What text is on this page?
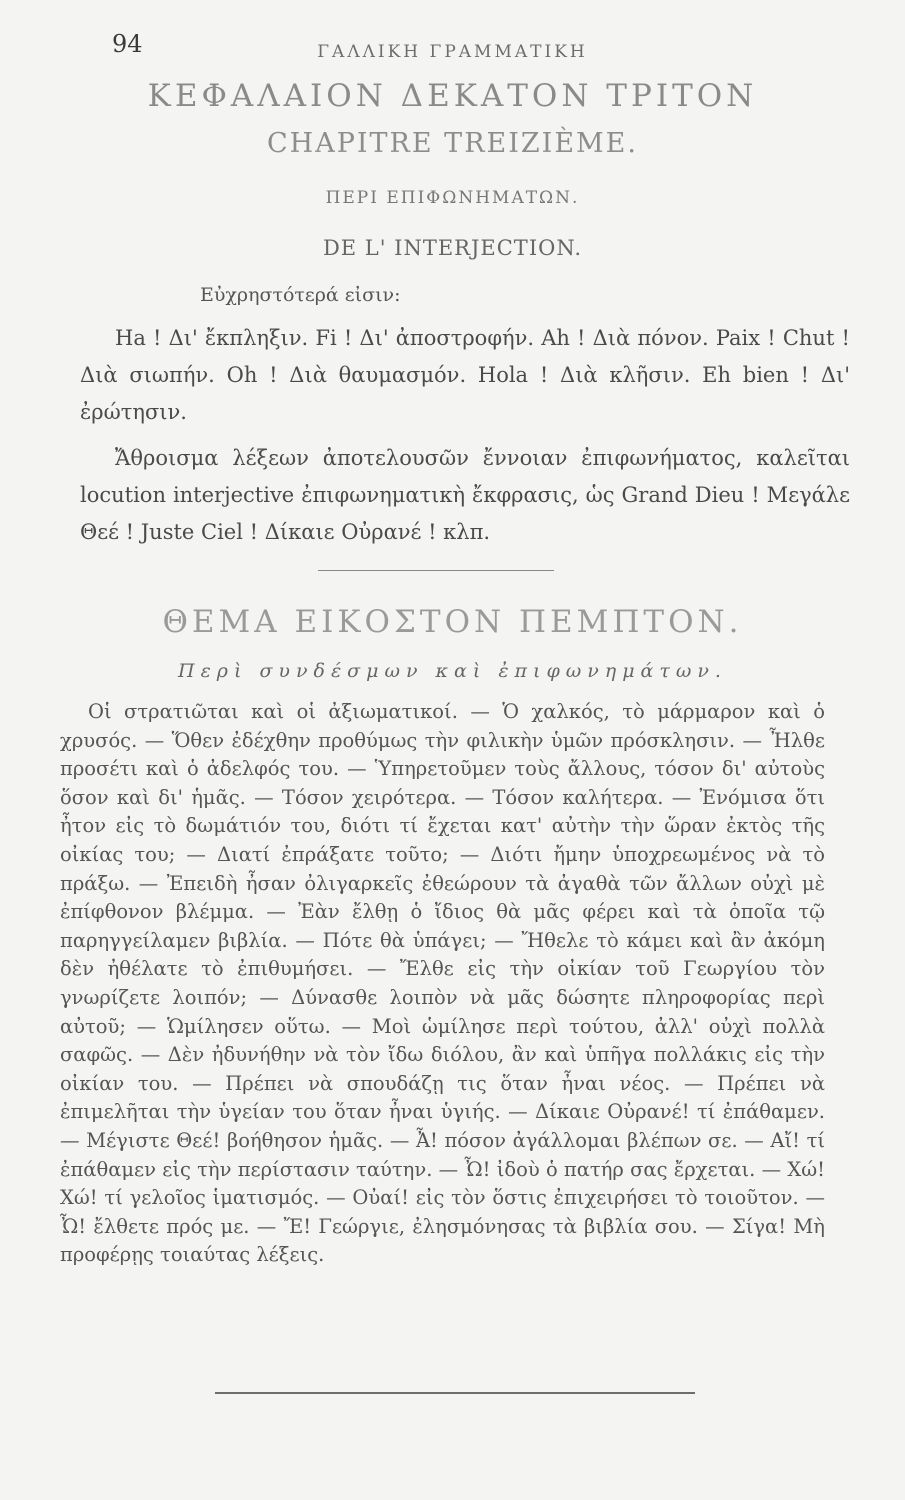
94	ΓΑΛΛΙΚΗ ΓΡΑΜΜΑΤΙΚΗ
ΚΕΦΑΛΑΙΟΝ ΔΕΚΑΤΟΝ ΤΡΙΤΟΝ
CHAPITRE TREIZIÈME.
ΠΕΡΙ ΕΠΙΦΩΝΗΜΑΤΩΝ.
DE L' INTERJECTION.
Εὐχρηστότερά εἰσιν:
Ha ! Δι' ἔκπληξιν. Fi ! Δι' ἀποστροφήν. Ah ! Διὰ πόνον. Paix ! Chut ! Διὰ σιωπήν. Oh ! Διὰ θαυμασμόν. Hola ! Διὰ κλῆσιν. Eh bien ! Δι' ἐρώτησιν.
Ἄθροισμα λέξεων ἀποτελουσῶν ἔννοιαν ἐπιφωνήματος, καλεῖται locution interjective ἐπιφωνηματικὴ ἔκφρασις, ὡς Grand Dieu ! Μεγάλε Θεέ ! Juste Ciel ! Δίκαιε Οὐρανέ ! κλπ.
ΘΕΜΑ ΕΙΚΟΣΤΟΝ ΠΕΜΠΤΟΝ.
Περὶ συνδέσμων καὶ ἐπιφωνημάτων.
Οἱ στρατιῶται καὶ οἱ ἀξιωματικοί. — Ὁ χαλκός, τὸ μάρμαρον καὶ ὁ χρυσός. — Ὅθεν ἐδέχθην προθύμως τὴν φιλικὴν ὑμῶν πρόσκλησιν. — Ἦλθε προσέτι καὶ ὁ ἀδελφός του. — Ὑπηρετοῦμεν τοὺς ἄλλους, τόσον δι' αὐτοὺς ὅσον καὶ δι' ἡμᾶς. — Τόσον χειρότερα. — Τόσον καλήτερα. — Ἐνόμισα ὅτι ἦτον εἰς τὸ δωμάτιόν του, διότι τί ἔχεται κατ' αὐτὴν τὴν ὥραν ἐκτὸς τῆς οἰκίας του; — Διατί ἐπράξατε τοῦτο; — Διότι ἤμην ὑποχρεωμένος νὰ τὸ πράξω. — Ἐπειδὴ ἦσαν ὀλιγαρκεῖς ἐθεώρουν τὰ ἀγαθὰ τῶν ἄλλων οὐχὶ μὲ ἐπίφθονον βλέμμα. — Ἐὰν ἔλθῃ ὁ ἴδιος θὰ μᾶς φέρει καὶ τὰ ὁποῖα τῷ παρηγγείλαμεν βιβλία. — Πότε θὰ ὑπάγει; — Ἤθελε τὸ κάμει καὶ ἂν ἀκόμη δὲν ἠθέλατε τὸ ἐπιθυμήσει. — Ἔλθε εἰς τὴν οἰκίαν τοῦ Γεωργίου τὸν γνωρίζετε λοιπόν; — Δύνασθε λοιπὸν νὰ μᾶς δώσητε πληροφορίας περὶ αὐτοῦ; — Ὡμίλησεν οὕτω. — Μοὶ ὡμίλησε περὶ τούτου, ἀλλ' οὐχὶ πολλὰ σαφῶς. — Δὲν ἠδυνήθην νὰ τὸν ἴδω διόλου, ἂν καὶ ὑπῆγα πολλάκις εἰς τὴν οἰκίαν του. — Πρέπει νὰ σπουδάζῃ τις ὅταν ἦναι νέος. — Πρέπει νὰ ἐπιμελῆται τὴν ὑγείαν του ὅταν ἦναι ὑγιής. — Δίκαιε Οὐρανέ! τί ἐπάθαμεν. — Μέγιστε Θεέ! βοήθησον ἡμᾶς. — Ἆ! πόσον ἀγάλλομαι βλέπων σε. — Αἴ! τί ἐπάθαμεν εἰς τὴν περίστασιν ταύτην. — Ὦ! ἰδοὺ ὁ πατήρ σας ἔρχεται. — Χώ! Χώ! τί γελοῖος ἱματισμός. — Οὐαί! εἰς τὸν ὅστις ἐπιχειρήσει τὸ τοιοῦτον. — Ὦ! ἔλθετε πρός με. — Ἔ! Γεώργιε, ἐλησμόνησας τὰ βιβλία σου. — Σίγα! Μὴ προφέρῃς τοιαύτας λέξεις.
